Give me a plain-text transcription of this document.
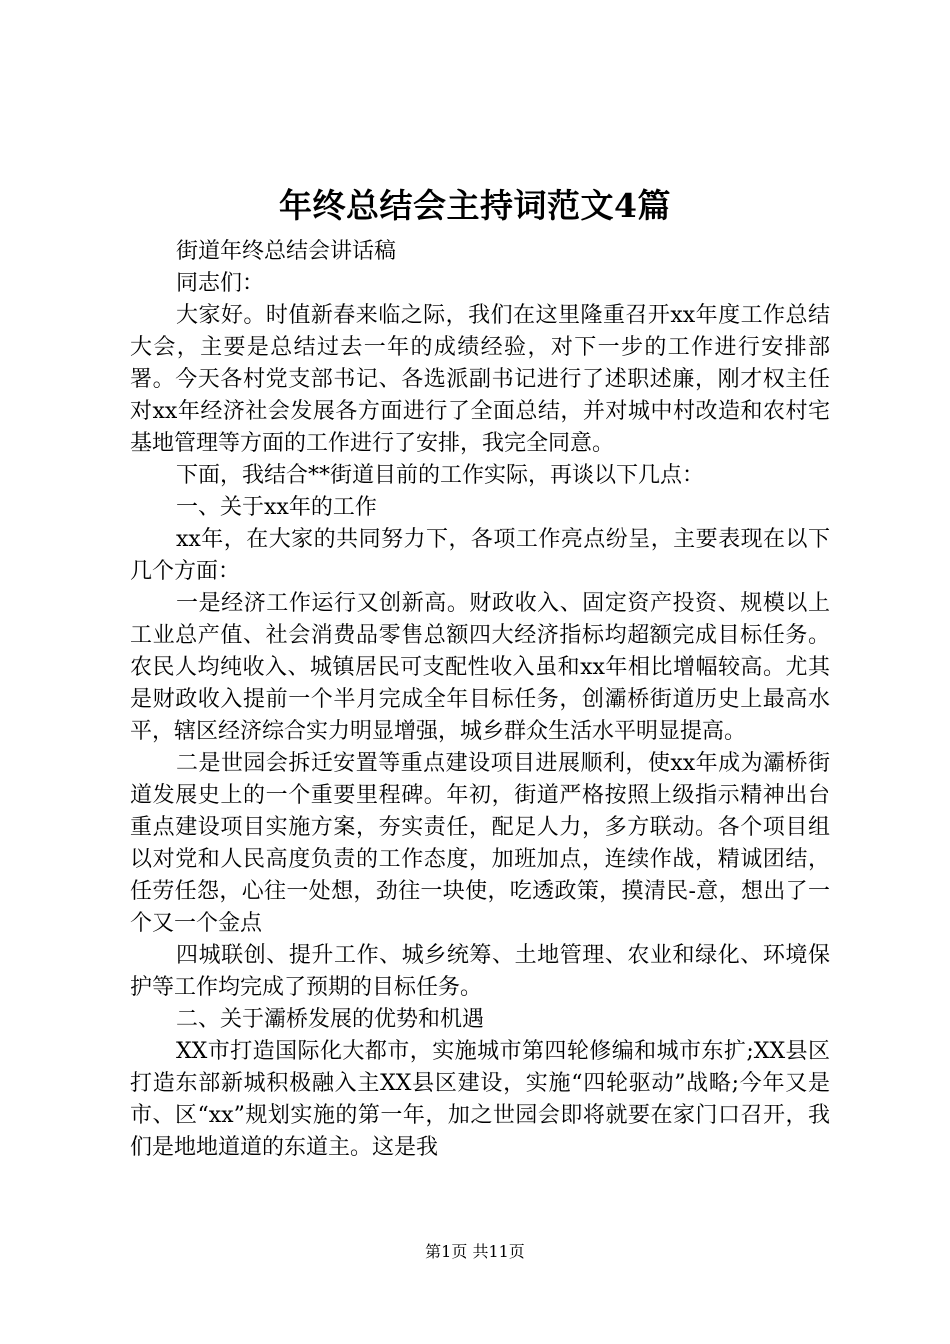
年终总结会主持词范文4篇

街道年终总结会讲话稿

同志们：

大家好。时值新春来临之际，我们在这里隆重召开xx年度工作总结大会，主要是总结过去一年的成绩经验，对下一步的工作进行安排部署。今天各村党支部书记、各选派副书记进行了述职述廉，刚才权主任对xx年经济社会发展各方面进行了全面总结，并对城中村改造和农村宅基地管理等方面的工作进行了安排，我完全同意。

下面，我结合**街道目前的工作实际，再谈以下几点：

一、关于xx年的工作

xx年，在大家的共同努力下，各项工作亮点纷呈，主要表现在以下几个方面：

一是经济工作运行又创新高。财政收入、固定资产投资、规模以上工业总产值、社会消费品零售总额四大经济指标均超额完成目标任务。农民人均纯收入、城镇居民可支配性收入虽和xx年相比增幅较高。尤其是财政收入提前一个半月完成全年目标任务，创灞桥街道历史上最高水平，辖区经济综合实力明显增强，城乡群众生活水平明显提高。

二是世园会拆迁安置等重点建设项目进展顺利，使xx年成为灞桥街道发展史上的一个重要里程碑。年初，街道严格按照上级指示精神出台重点建设项目实施方案，夯实责任，配足人力，多方联动。各个项目组以对党和人民高度负责的工作态度，加班加点，连续作战，精诚团结，任劳任怨，心往一处想，劲往一块使，吃透政策，摸清民-意，想出了一个又一个金点

四城联创、提升工作、城乡统筹、土地管理、农业和绿化、环境保护等工作均完成了预期的目标任务。

二、关于灞桥发展的优势和机遇

XX市打造国际化大都市，实施城市第四轮修编和城市东扩;XX县区打造东部新城积极融入主XX县区建设，实施“四轮驱动”战略;今年又是市、区“xx”规划实施的第一年，加之世园会即将就要在家门口召开，我们是地地道道的东道主。这是我

第1页 共11页
